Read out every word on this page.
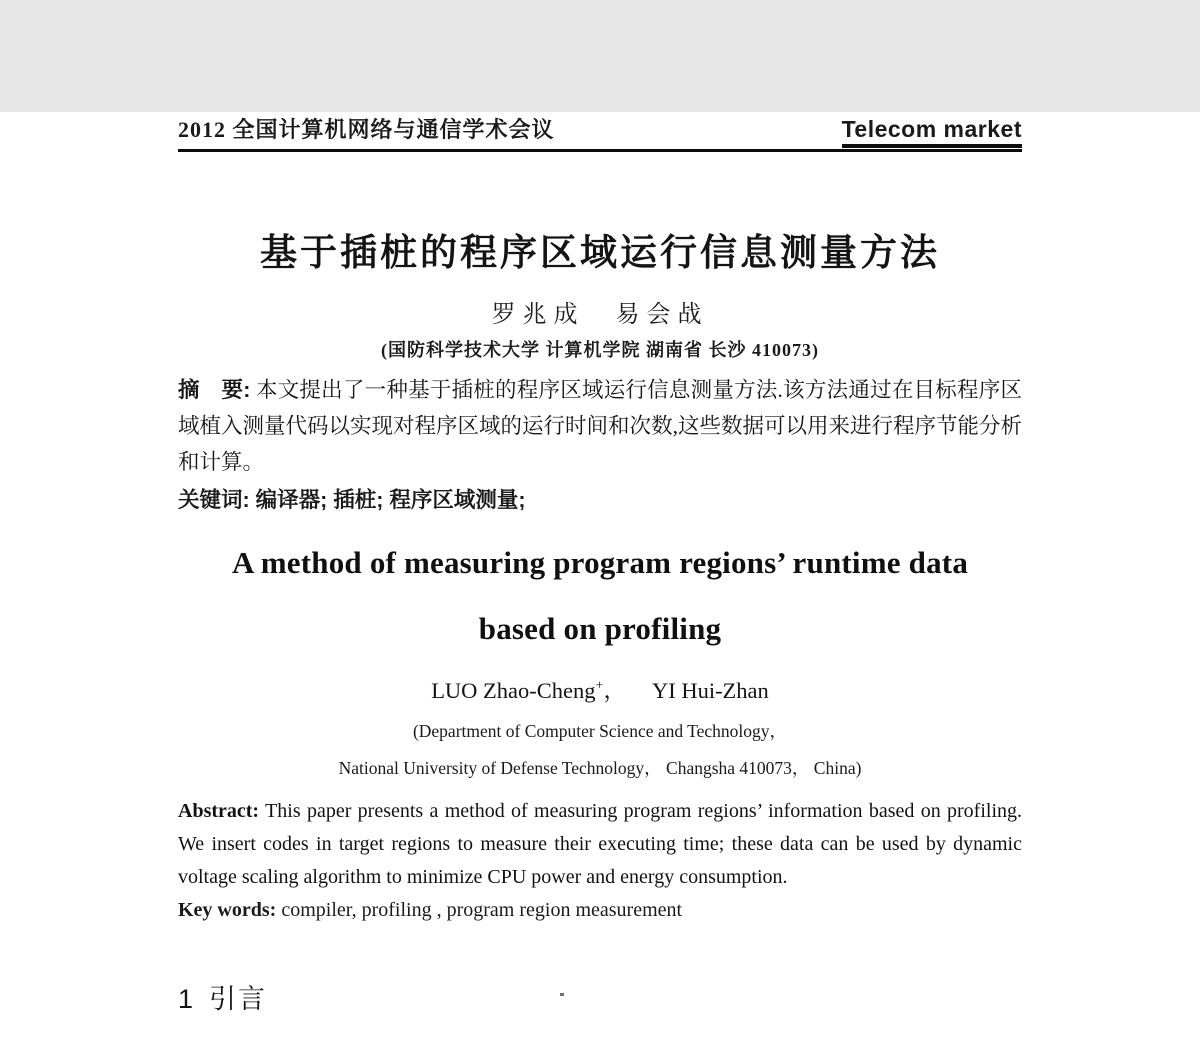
2012 全国计算机网络与通信学术会议	Telecom market
基于插桩的程序区域运行信息测量方法
罗兆成　易会战
(国防科学技术大学 计算机学院 湖南省 长沙 410073)

摘　要: 本文提出了一种基于插桩的程序区域运行信息测量方法.该方法通过在目标程序区域植入测量代码以实现对程序区域的运行时间和次数,这些数据可以用来进行程序节能分析和计算。

关键词: 编译器; 插桩; 程序区域测量;

A method of measuring program regions’ runtime data
based on profiling
LUO Zhao-Cheng+， YI Hui-Zhan
(Department of Computer Science and Technology，
National University of Defense Technology， Changsha 410073， China)

Abstract: This paper presents a method of measuring program regions’ information based on profiling. We insert codes in target regions to measure their executing time; these data can be used by dynamic voltage scaling algorithm to minimize CPU power and energy consumption.

Key words: compiler, profiling , program region measurement

1 引言
